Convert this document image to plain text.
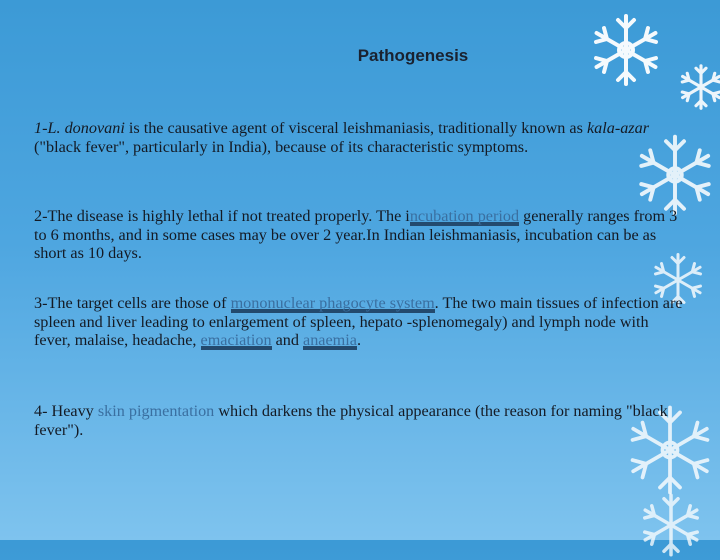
Pathogenesis
1-L. donovani is the causative agent of visceral leishmaniasis, traditionally known as kala-azar ("black fever", particularly in India), because of its characteristic symptoms.
2-The disease is highly lethal if not treated properly. The incubation period generally ranges from 3 to 6 months, and in some cases may be over 2 year.In Indian leishmaniasis, incubation can be as short as 10 days.
3-The target cells are those of mononuclear phagocyte system. The two main tissues of infection are spleen and liver leading to enlargement of spleen, hepato -splenomegaly) and lymph node with fever, malaise, headache, emaciation and anaemia.
4- Heavy skin pigmentation which darkens the physical appearance (the reason for naming "black fever").
